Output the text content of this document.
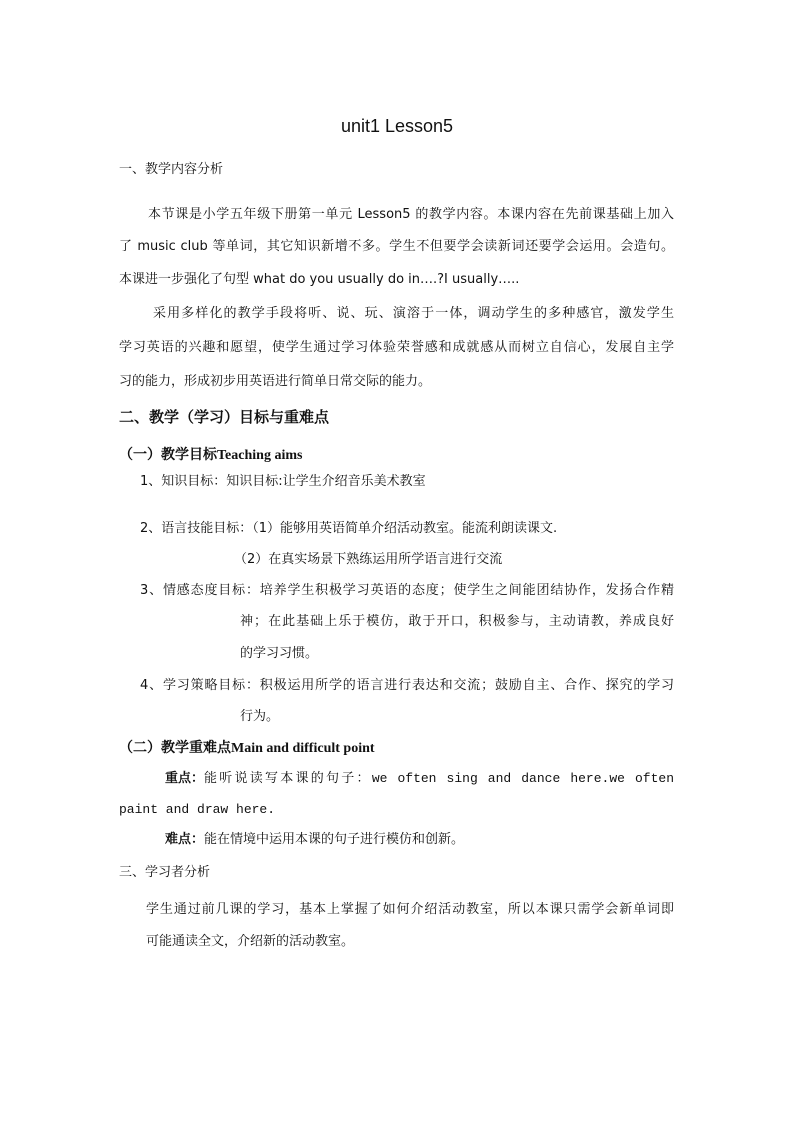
unit1 Lesson5
一、教学内容分析
本节课是小学五年级下册第一单元 Lesson5 的教学内容。本课内容在先前课基础上加入
了 music club 等单词，其它知识新增不多。学生不但要学会读新词还要学会运用。会造句。
本课进一步强化了句型 what do you usually do in….?I usually…..
采用多样化的教学手段将听、说、玩、演溶于一体，调动学生的多种感官，激发学生
学习英语的兴趣和愿望，使学生通过学习体验荣誉感和成就感从而树立自信心，发展自主学
习的能力，形成初步用英语进行简单日常交际的能力。
二、教学（学习）目标与重难点
（一）教学目标Teaching aims
1、知识目标：知识目标:让学生介绍音乐美术教室
2、语言技能目标：（1）能够用英语简单介绍活动教室。能流利朗读课文.
（2）在真实场景下熟练运用所学语言进行交流
3、情感态度目标：培养学生积极学习英语的态度；使学生之间能团结协作，发扬合作精
神；在此基础上乐于模仿，敢于开口，积极参与，主动请教，养成良好
的学习习惯。
4、学习策略目标：积极运用所学的语言进行表达和交流；鼓励自主、合作、探究的学习
行为。
（二）教学重难点Main and difficult point
重点： 能听说读写本课的句子：we often sing and dance here.we often
paint and draw here.
难点：能在情境中运用本课的句子进行模仿和创新。
三、学习者分析
学生通过前几课的学习，基本上掌握了如何介绍活动教室，所以本课只需学会新单词即
可能通读全文，介绍新的活动教室。
